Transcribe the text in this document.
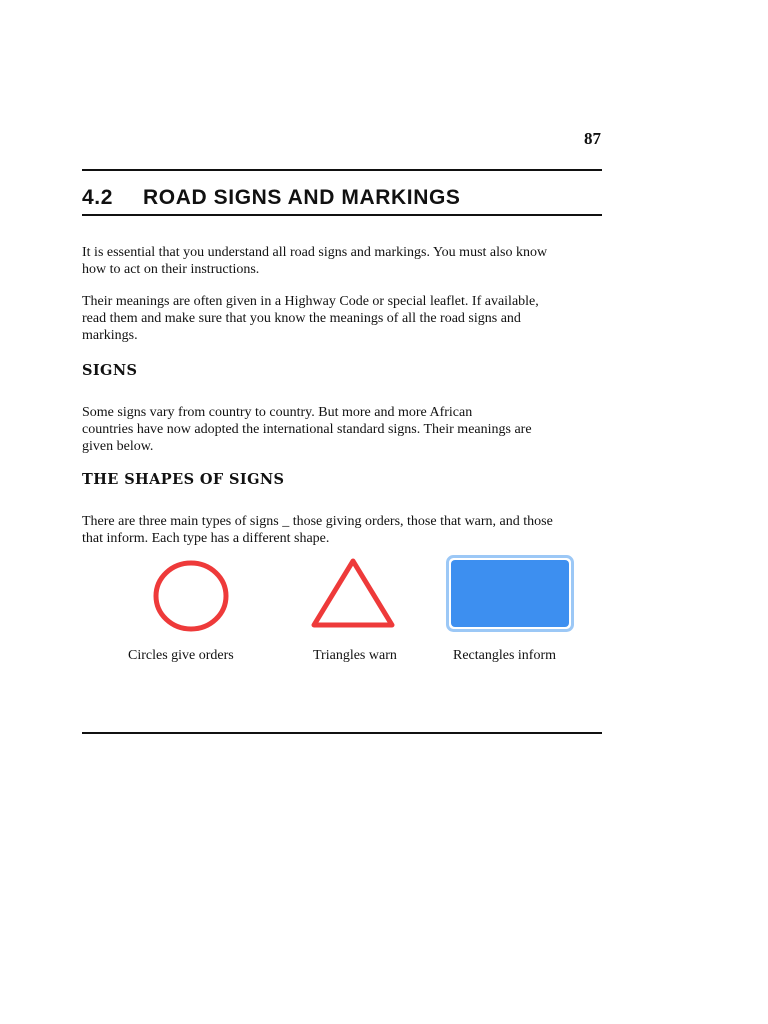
87
4.2 ROAD SIGNS AND MARKINGS
It is essential that you understand all road signs and markings. You must also know
how to act on their instructions.
Their meanings are often given in a Highway Code or special leaflet. If available,
read them and make sure that you know the meanings of all the road signs and
markings.
SIGNS
Some signs vary from country to country. But more and more African
countries have now adopted the international standard signs. Their meanings are
given below.
THE SHAPES OF SIGNS
There are three main types of signs _ those giving orders, those that warn, and those
that inform. Each type has a different shape.
Circles give orders	Triangles warn	Rectangles inform
